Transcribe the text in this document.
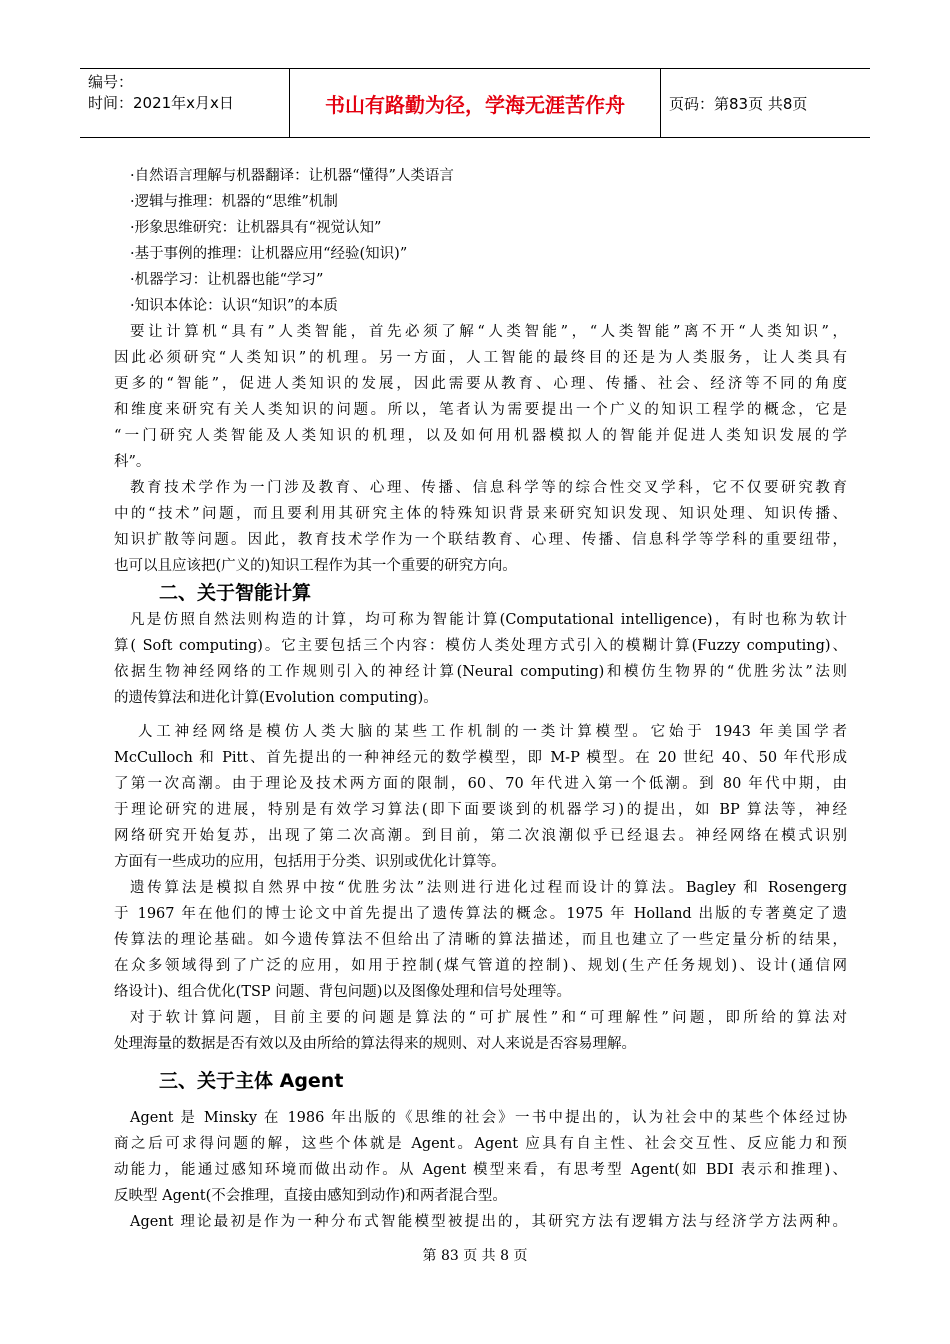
编号：
时间：2021年x月x日	书山有路勤为径，学海无涯苦作舟	页码：第83页 共8页
·自然语言理解与机器翻译：让机器“懂得”人类语言
·逻辑与推理：机器的“思维”机制
·形象思维研究：让机器具有“视觉认知”
·基于事例的推理：让机器应用“经验(知识)”
·机器学习：让机器也能“学习”
·知识本体论：认识“知识”的本质
要让计算机“具有”人类智能，首先必须了解“人类智能”，“人类智能”离不开“人类知识”，
因此必须研究“人类知识”的机理。另一方面，人工智能的最终目的还是为人类服务，让人类具有
更多的“智能”，促进人类知识的发展，因此需要从教育、心理、传播、社会、经济等不同的角度
和维度来研究有关人类知识的问题。所以，笔者认为需要提出一个广义的知识工程学的概念，它是
“一门研究人类智能及人类知识的机理，以及如何用机器模拟人的智能并促进人类知识发展的学
科”。
教育技术学作为一门涉及教育、心理、传播、信息科学等的综合性交叉学科，它不仅要研究教育
中的“技术”问题，而且要利用其研究主体的特殊知识背景来研究知识发现、知识处理、知识传播、
知识扩散等问题。因此，教育技术学作为一个联结教育、心理、传播、信息科学等学科的重要纽带，
也可以且应该把(广义的)知识工程作为其一个重要的研究方向。
二、关于智能计算
凡是仿照自然法则构造的计算，均可称为智能计算(Computational intelligence)，有时也称为软计
算( Soft computing)。它主要包括三个内容：模仿人类处理方式引入的模糊计算(Fuzzy computing)、
依据生物神经网络的工作规则引入的神经计算(Neural computing)和模仿生物界的“优胜劣汰”法则
的遗传算法和进化计算(Evolution computing)。
人工神经网络是模仿人类大脑的某些工作机制的一类计算模型。它始于 1943 年美国学者
McCulloch 和 Pitt、首先提出的一种神经元的数学模型，即 M-P 模型。在 20 世纪 40、50 年代形成
了第一次高潮。由于理论及技术两方面的限制，60、70 年代进入第一个低潮。到 80 年代中期，由
于理论研究的进展，特别是有效学习算法(即下面要谈到的机器学习)的提出，如 BP 算法等，神经
网络研究开始复苏，出现了第二次高潮。到目前，第二次浪潮似乎已经退去。神经网络在模式识别
方面有一些成功的应用，包括用于分类、识别或优化计算等。
遗传算法是模拟自然界中按“优胜劣汰”法则进行进化过程而设计的算法。Bagley 和 Rosengerg
于 1967 年在他们的博士论文中首先提出了遗传算法的概念。1975 年 Holland 出版的专著奠定了遗
传算法的理论基础。如今遗传算法不但给出了清晰的算法描述，而且也建立了一些定量分析的结果，
在众多领域得到了广泛的应用，如用于控制(煤气管道的控制)、规划(生产任务规划)、设计(通信网
络设计)、组合优化(TSP 问题、背包问题)以及图像处理和信号处理等。
对于软计算问题，目前主要的问题是算法的“可扩展性”和“可理解性”问题，即所给的算法对
处理海量的数据是否有效以及由所给的算法得来的规则、对人来说是否容易理解。
三、关于主体 Agent
Agent 是 Minsky 在 1986 年出版的《思维的社会》一书中提出的，认为社会中的某些个体经过协
商之后可求得问题的解，这些个体就是 Agent。Agent 应具有自主性、社会交互性、反应能力和预
动能力，能通过感知环境而做出动作。从 Agent 模型来看，有思考型 Agent(如 BDI 表示和推理)、
反映型 Agent(不会推理，直接由感知到动作)和两者混合型。
Agent 理论最初是作为一种分布式智能模型被提出的，其研究方法有逻辑方法与经济学方法两种。
第 83 页 共 8 页
